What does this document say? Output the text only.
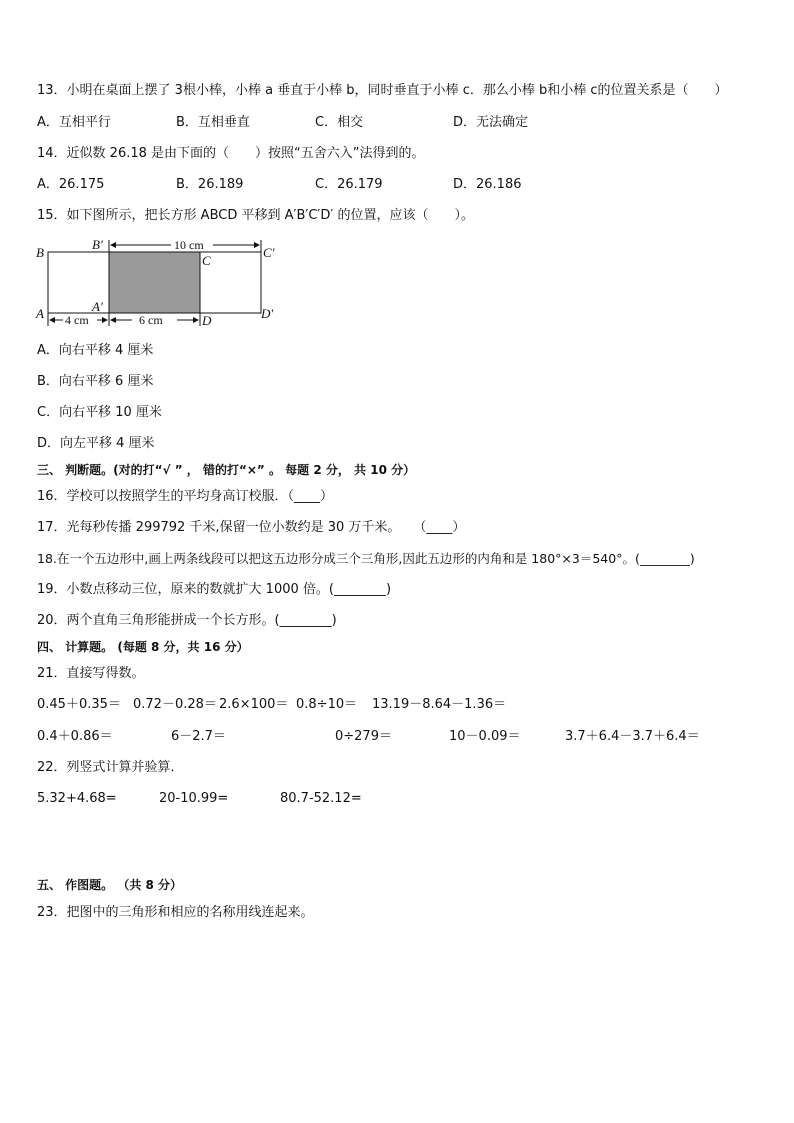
13．小明在桌面上摆了 3根小棒，小棒 a 垂直于小棒 b，同时垂直于小棒 c．那么小棒 b和小棒 c的位置关系是（　　）
A．互相平行	B．互相垂直	C．相交	D．无法确定
14．近似数 26.18 是由下面的（　　）按照“五舍六入”法得到的。
A．26.175	B．26.189	C．26.179	D．26.186
15．如下图所示，把长方形 ABCD 平移到 A′B′C′D′ 的位置，应该（　　）。
B
B′
C
C′
A	A′
D	D′
10 cm
4 cm	6 cm
A．向右平移 4 厘米
B．向右平移 6 厘米
C．向右平移 10 厘米
D．向左平移 4 厘米
三、 判断题。(对的打“√ ” ， 错的打“×” 。 每题 2 分， 共 10 分）
16．学校可以按照学生的平均身高订校服．（____）
17．光每秒传播 299792 千米,保留一位小数约是 30 万千米。　　（____）
18.在一个五边形中,画上两条线段可以把这五边形分成三个三角形,因此五边形的内角和是 180°×3＝540°。(________)
19．小数点移动三位，原来的数就扩大 1000 倍。(________)
20．两个直角三角形能拼成一个长方形。(________)
四、 计算题。 (每题 8 分，共 16 分）
21．直接写得数。
0.45＋0.35＝ 0.72－0.28＝ 2.6×100＝ 0.8÷10＝ 13.19－8.64－1.36＝
0.4＋0.86＝	6－2.7＝	0÷279＝	10－0.09＝	3.7＋6.4－3.7＋6.4＝
22．列竖式计算并验算．
5.32+4.68=	20-10.99=	80.7-52.12=
五、 作图题。 （共 8 分）
23．把图中的三角形和相应的名称用线连起来。
